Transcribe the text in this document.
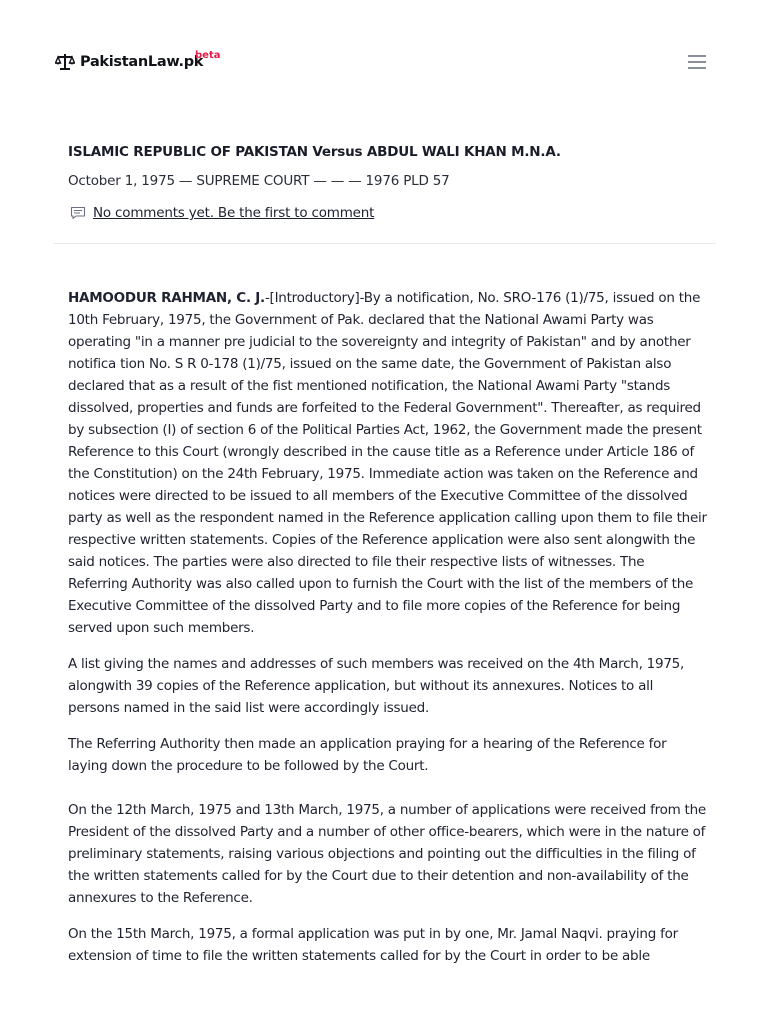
PakistanLaw.pk
beta
ISLAMIC REPUBLIC OF PAKISTAN Versus ABDUL WALI KHAN M.N.A.
October 1, 1975 — SUPREME COURT — — — 1976 PLD 57
No comments yet. Be the first to comment

HAMOODUR RAHMAN, C. J.-[Introductory]-By a notification, No. SRO-176 (1)/75, issued on the 10th February, 1975, the Government of Pak. declared that the National Awami Party was operating "in a manner pre judicial to the sovereignty and integrity of Pakistan" and by another notifica tion No. S R 0-178 (1)/75, issued on the same date, the Government of Pakistan also declared that as a result of the fist mentioned notification, the National Awami Party "stands dissolved, properties and funds are forfeited to the Federal Government". Thereafter, as required by subsection (I) of section 6 of the Political Parties Act, 1962, the Government made the present Reference to this Court (wrongly described in the cause title as a Reference under Article 186 of the Constitution) on the 24th February, 1975. Immediate action was taken on the Reference and notices were directed to be issued to all members of the Executive Committee of the dissolved party as well as the respondent named in the Reference application calling upon them to file their respective written statements. Copies of the Reference application were also sent alongwith the said notices. The parties were also directed to file their respective lists of witnesses. The Referring Authority was also called upon to furnish the Court with the list of the members of the Executive Committee of the dissolved Party and to file more copies of the Reference for being served upon such members.

A list giving the names and addresses of such members was received on the 4th March, 1975, alongwith 39 copies of the Reference application, but without its annexures. Notices to all persons named in the said list were accordingly issued.

The Referring Authority then made an application praying for a hearing of the Reference for laying down the procedure to be followed by the Court.

On the 12th March, 1975 and 13th March, 1975, a number of applications were received from the President of the dissolved Party and a number of other office-bearers, which were in the nature of preliminary statements, raising various objections and pointing out the difficulties in the filing of the written statements called for by the Court due to their detention and non-availability of the annexures to the Reference.

On the 15th March, 1975, a formal application was put in by one, Mr. Jamal Naqvi. praying for extension of time to file the written statements called for by the Court in order to be able
